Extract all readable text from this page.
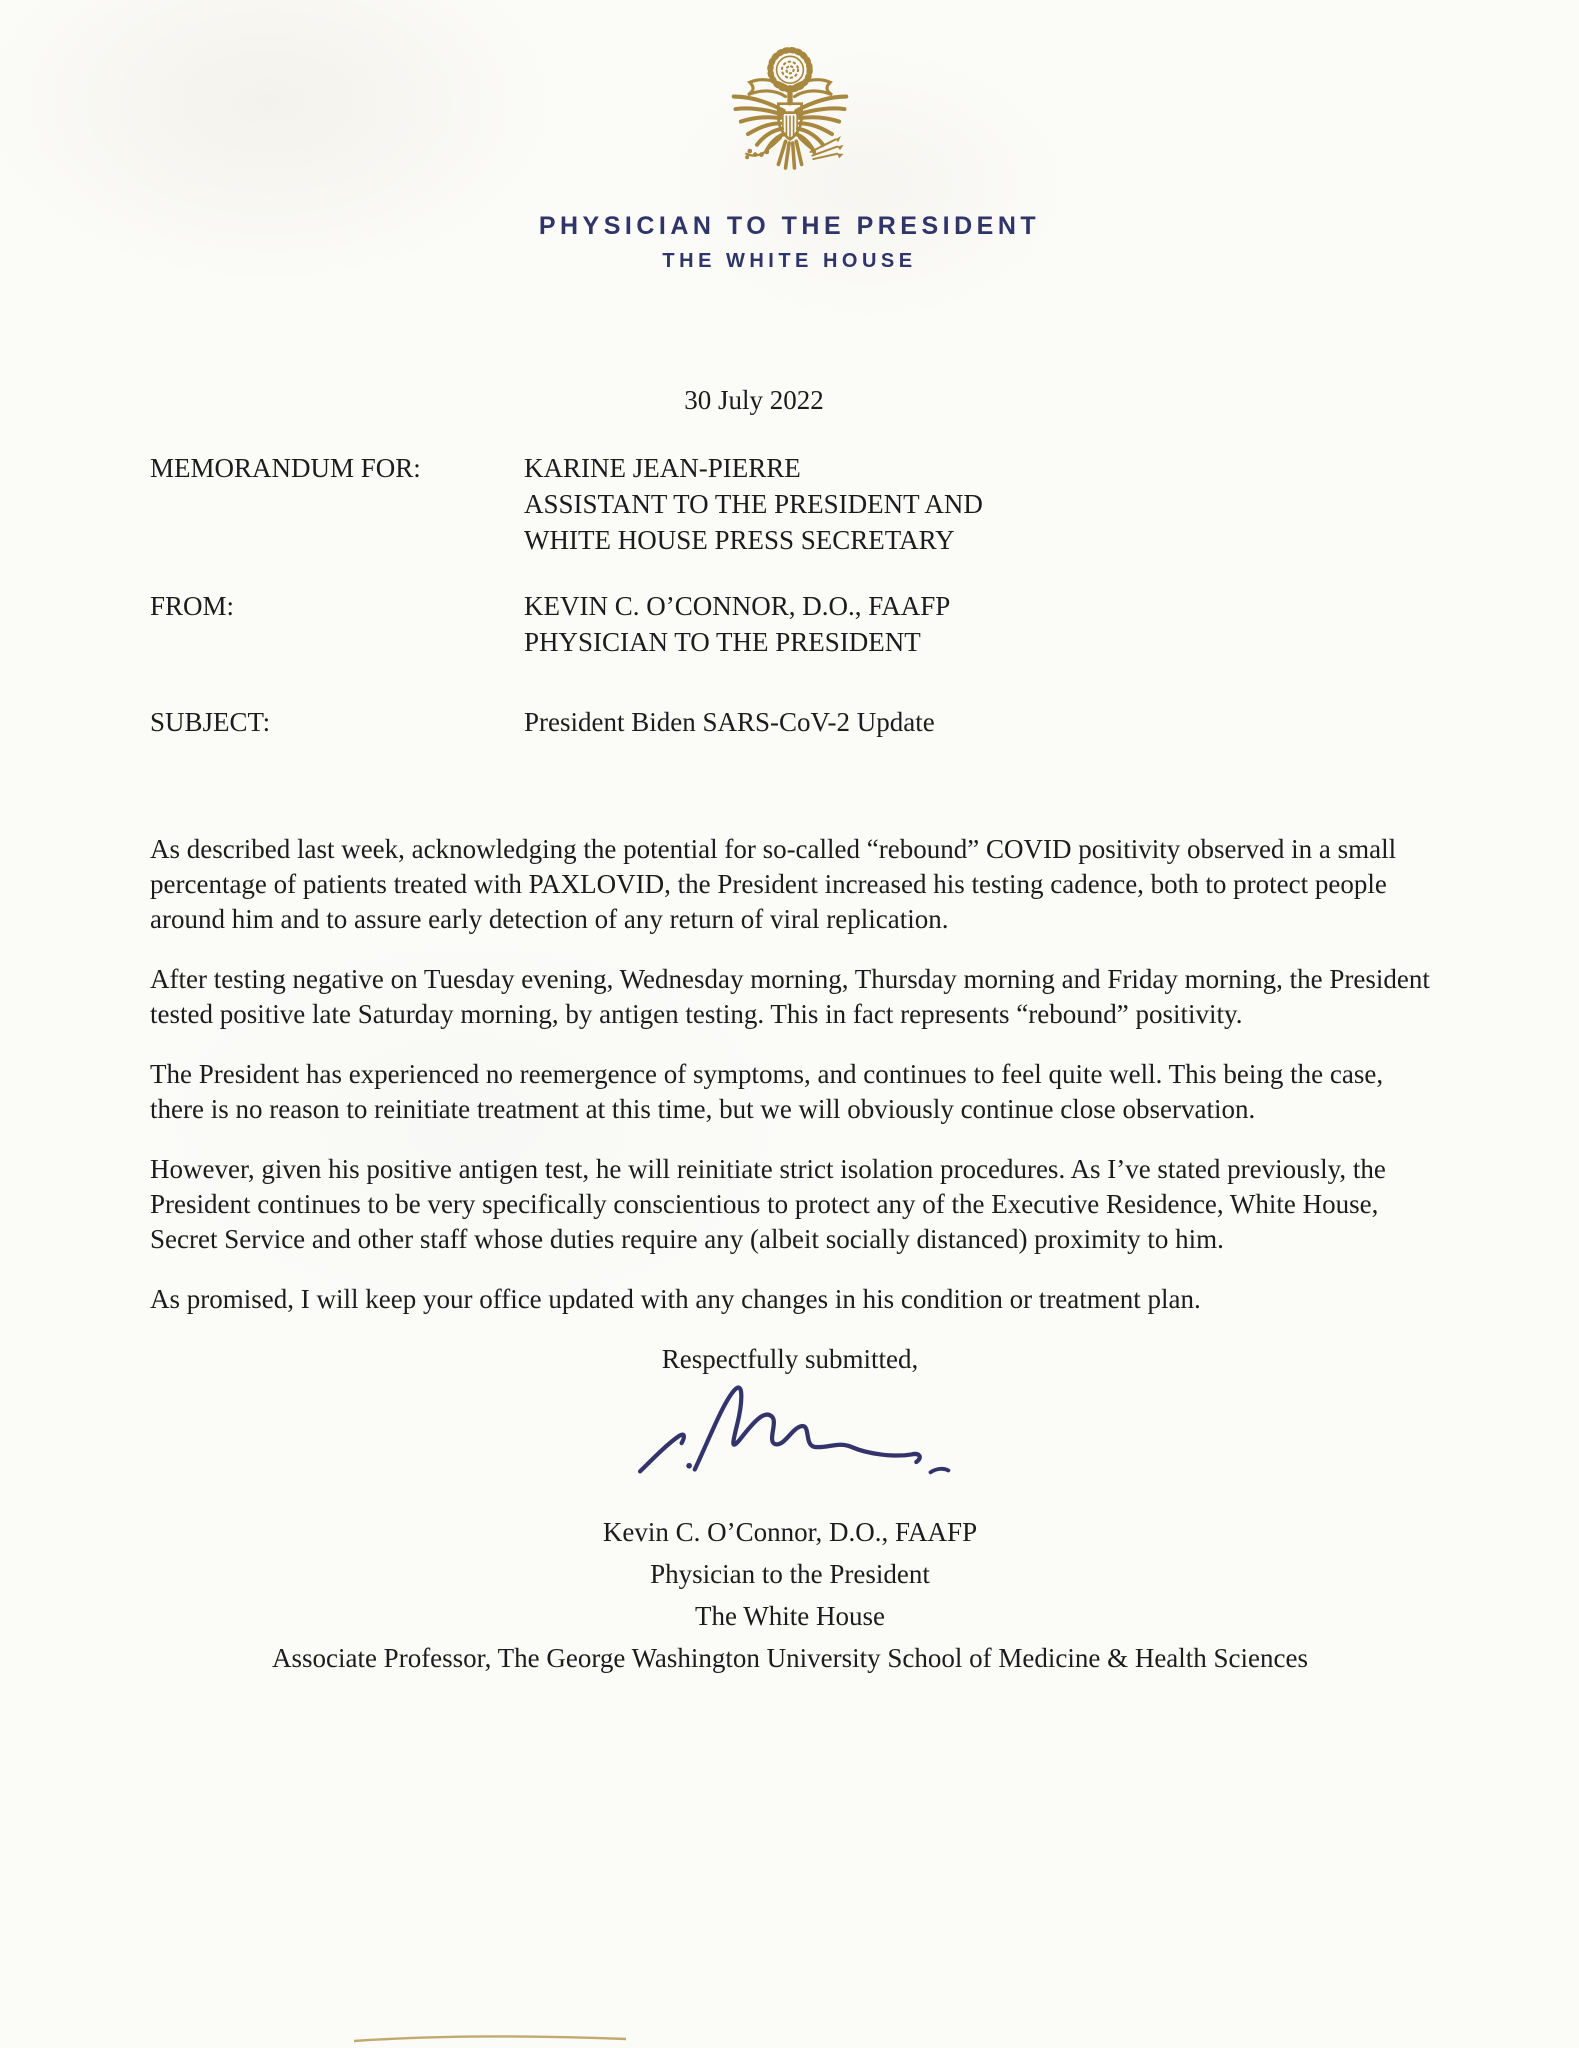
PHYSICIAN TO THE PRESIDENT
THE WHITE HOUSE
30 July 2022
MEMORANDUM FOR:	KARINE JEAN-PIERRE
ASSISTANT TO THE PRESIDENT AND
WHITE HOUSE PRESS SECRETARY
FROM:	KEVIN C. O’CONNOR, D.O., FAAFP
PHYSICIAN TO THE PRESIDENT
SUBJECT:	President Biden SARS-CoV-2 Update

As described last week, acknowledging the potential for so-called “rebound” COVID positivity observed in a small percentage of patients treated with PAXLOVID, the President increased his testing cadence, both to protect people around him and to assure early detection of any return of viral replication.

After testing negative on Tuesday evening, Wednesday morning, Thursday morning and Friday morning, the President tested positive late Saturday morning, by antigen testing. This in fact represents “rebound” positivity.

The President has experienced no reemergence of symptoms, and continues to feel quite well. This being the case, there is no reason to reinitiate treatment at this time, but we will obviously continue close observation.

However, given his positive antigen test, he will reinitiate strict isolation procedures. As I’ve stated previously, the President continues to be very specifically conscientious to protect any of the Executive Residence, White House, Secret Service and other staff whose duties require any (albeit socially distanced) proximity to him.

As promised, I will keep your office updated with any changes in his condition or treatment plan.

Respectfully submitted,
Kevin C. O’Connor, D.O., FAAFP
Physician to the President
The White House
Associate Professor, The George Washington University School of Medicine & Health Sciences
